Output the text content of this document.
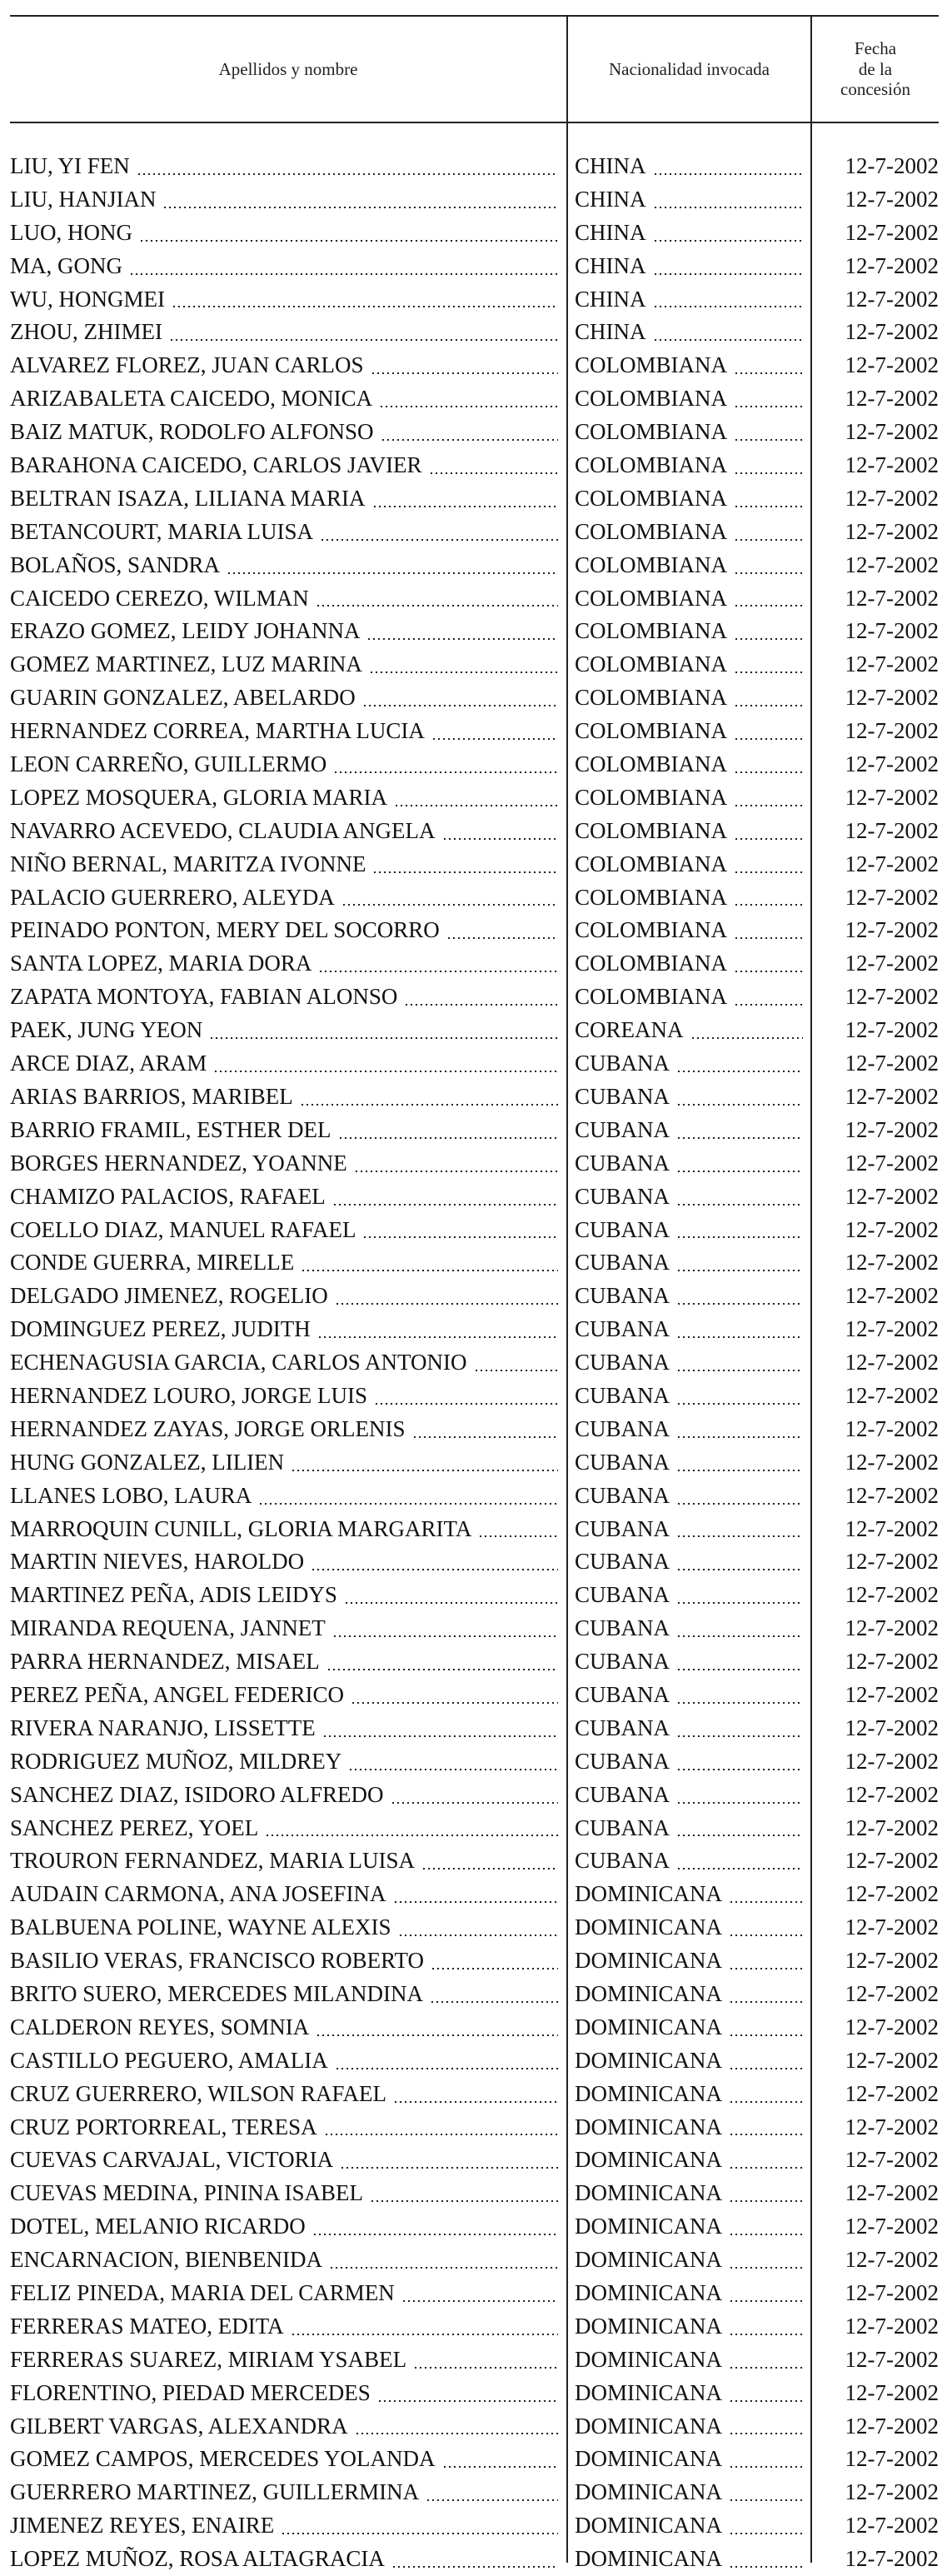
Apellidos y nombre	Nacionalidad invocada
Fecha
de la
concesión
LIU, YI FEN	CHINA	12-7-2002
LIU, HANJIAN	CHINA	12-7-2002
LUO, HONG	CHINA	12-7-2002
MA, GONG	CHINA	12-7-2002
WU, HONGMEI	CHINA	12-7-2002
ZHOU, ZHIMEI	CHINA	12-7-2002
ALVAREZ FLOREZ, JUAN CARLOS	COLOMBIANA	12-7-2002
ARIZABALETA CAICEDO, MONICA	COLOMBIANA	12-7-2002
BAIZ MATUK, RODOLFO ALFONSO	COLOMBIANA	12-7-2002
BARAHONA CAICEDO, CARLOS JAVIER	COLOMBIANA	12-7-2002
BELTRAN ISAZA, LILIANA MARIA	COLOMBIANA	12-7-2002
BETANCOURT, MARIA LUISA	COLOMBIANA	12-7-2002
BOLAÑOS, SANDRA	COLOMBIANA	12-7-2002
CAICEDO CEREZO, WILMAN	COLOMBIANA	12-7-2002
ERAZO GOMEZ, LEIDY JOHANNA	COLOMBIANA	12-7-2002
GOMEZ MARTINEZ, LUZ MARINA	COLOMBIANA	12-7-2002
GUARIN GONZALEZ, ABELARDO	COLOMBIANA	12-7-2002
HERNANDEZ CORREA, MARTHA LUCIA	COLOMBIANA	12-7-2002
LEON CARREÑO, GUILLERMO	COLOMBIANA	12-7-2002
LOPEZ MOSQUERA, GLORIA MARIA	COLOMBIANA	12-7-2002
NAVARRO ACEVEDO, CLAUDIA ANGELA	COLOMBIANA	12-7-2002
NIÑO BERNAL, MARITZA IVONNE	COLOMBIANA	12-7-2002
PALACIO GUERRERO, ALEYDA	COLOMBIANA	12-7-2002
PEINADO PONTON, MERY DEL SOCORRO	COLOMBIANA	12-7-2002
SANTA LOPEZ, MARIA DORA	COLOMBIANA	12-7-2002
ZAPATA MONTOYA, FABIAN ALONSO	COLOMBIANA	12-7-2002
PAEK, JUNG YEON	COREANA	12-7-2002
ARCE DIAZ, ARAM	CUBANA	12-7-2002
ARIAS BARRIOS, MARIBEL	CUBANA	12-7-2002
BARRIO FRAMIL, ESTHER DEL	CUBANA	12-7-2002
BORGES HERNANDEZ, YOANNE	CUBANA	12-7-2002
CHAMIZO PALACIOS, RAFAEL	CUBANA	12-7-2002
COELLO DIAZ, MANUEL RAFAEL	CUBANA	12-7-2002
CONDE GUERRA, MIRELLE	CUBANA	12-7-2002
DELGADO JIMENEZ, ROGELIO	CUBANA	12-7-2002
DOMINGUEZ PEREZ, JUDITH	CUBANA	12-7-2002
ECHENAGUSIA GARCIA, CARLOS ANTONIO	CUBANA	12-7-2002
HERNANDEZ LOURO, JORGE LUIS	CUBANA	12-7-2002
HERNANDEZ ZAYAS, JORGE ORLENIS	CUBANA	12-7-2002
HUNG GONZALEZ, LILIEN	CUBANA	12-7-2002
LLANES LOBO, LAURA	CUBANA	12-7-2002
MARROQUIN CUNILL, GLORIA MARGARITA	CUBANA	12-7-2002
MARTIN NIEVES, HAROLDO	CUBANA	12-7-2002
MARTINEZ PEÑA, ADIS LEIDYS	CUBANA	12-7-2002
MIRANDA REQUENA, JANNET	CUBANA	12-7-2002
PARRA HERNANDEZ, MISAEL	CUBANA	12-7-2002
PEREZ PEÑA, ANGEL FEDERICO	CUBANA	12-7-2002
RIVERA NARANJO, LISSETTE	CUBANA	12-7-2002
RODRIGUEZ MUÑOZ, MILDREY	CUBANA	12-7-2002
SANCHEZ DIAZ, ISIDORO ALFREDO	CUBANA	12-7-2002
SANCHEZ PEREZ, YOEL	CUBANA	12-7-2002
TROURON FERNANDEZ, MARIA LUISA	CUBANA	12-7-2002
AUDAIN CARMONA, ANA JOSEFINA	DOMINICANA	12-7-2002
BALBUENA POLINE, WAYNE ALEXIS	DOMINICANA	12-7-2002
BASILIO VERAS, FRANCISCO ROBERTO	DOMINICANA	12-7-2002
BRITO SUERO, MERCEDES MILANDINA	DOMINICANA	12-7-2002
CALDERON REYES, SOMNIA	DOMINICANA	12-7-2002
CASTILLO PEGUERO, AMALIA	DOMINICANA	12-7-2002
CRUZ GUERRERO, WILSON RAFAEL	DOMINICANA	12-7-2002
CRUZ PORTORREAL, TERESA	DOMINICANA	12-7-2002
CUEVAS CARVAJAL, VICTORIA	DOMINICANA	12-7-2002
CUEVAS MEDINA, PININA ISABEL	DOMINICANA	12-7-2002
DOTEL, MELANIO RICARDO	DOMINICANA	12-7-2002
ENCARNACION, BIENBENIDA	DOMINICANA	12-7-2002
FELIZ PINEDA, MARIA DEL CARMEN	DOMINICANA	12-7-2002
FERRERAS MATEO, EDITA	DOMINICANA	12-7-2002
FERRERAS SUAREZ, MIRIAM YSABEL	DOMINICANA	12-7-2002
FLORENTINO, PIEDAD MERCEDES	DOMINICANA	12-7-2002
GILBERT VARGAS, ALEXANDRA	DOMINICANA	12-7-2002
GOMEZ CAMPOS, MERCEDES YOLANDA	DOMINICANA	12-7-2002
GUERRERO MARTINEZ, GUILLERMINA	DOMINICANA	12-7-2002
JIMENEZ REYES, ENAIRE	DOMINICANA	12-7-2002
LOPEZ MUÑOZ, ROSA ALTAGRACIA	DOMINICANA	12-7-2002
